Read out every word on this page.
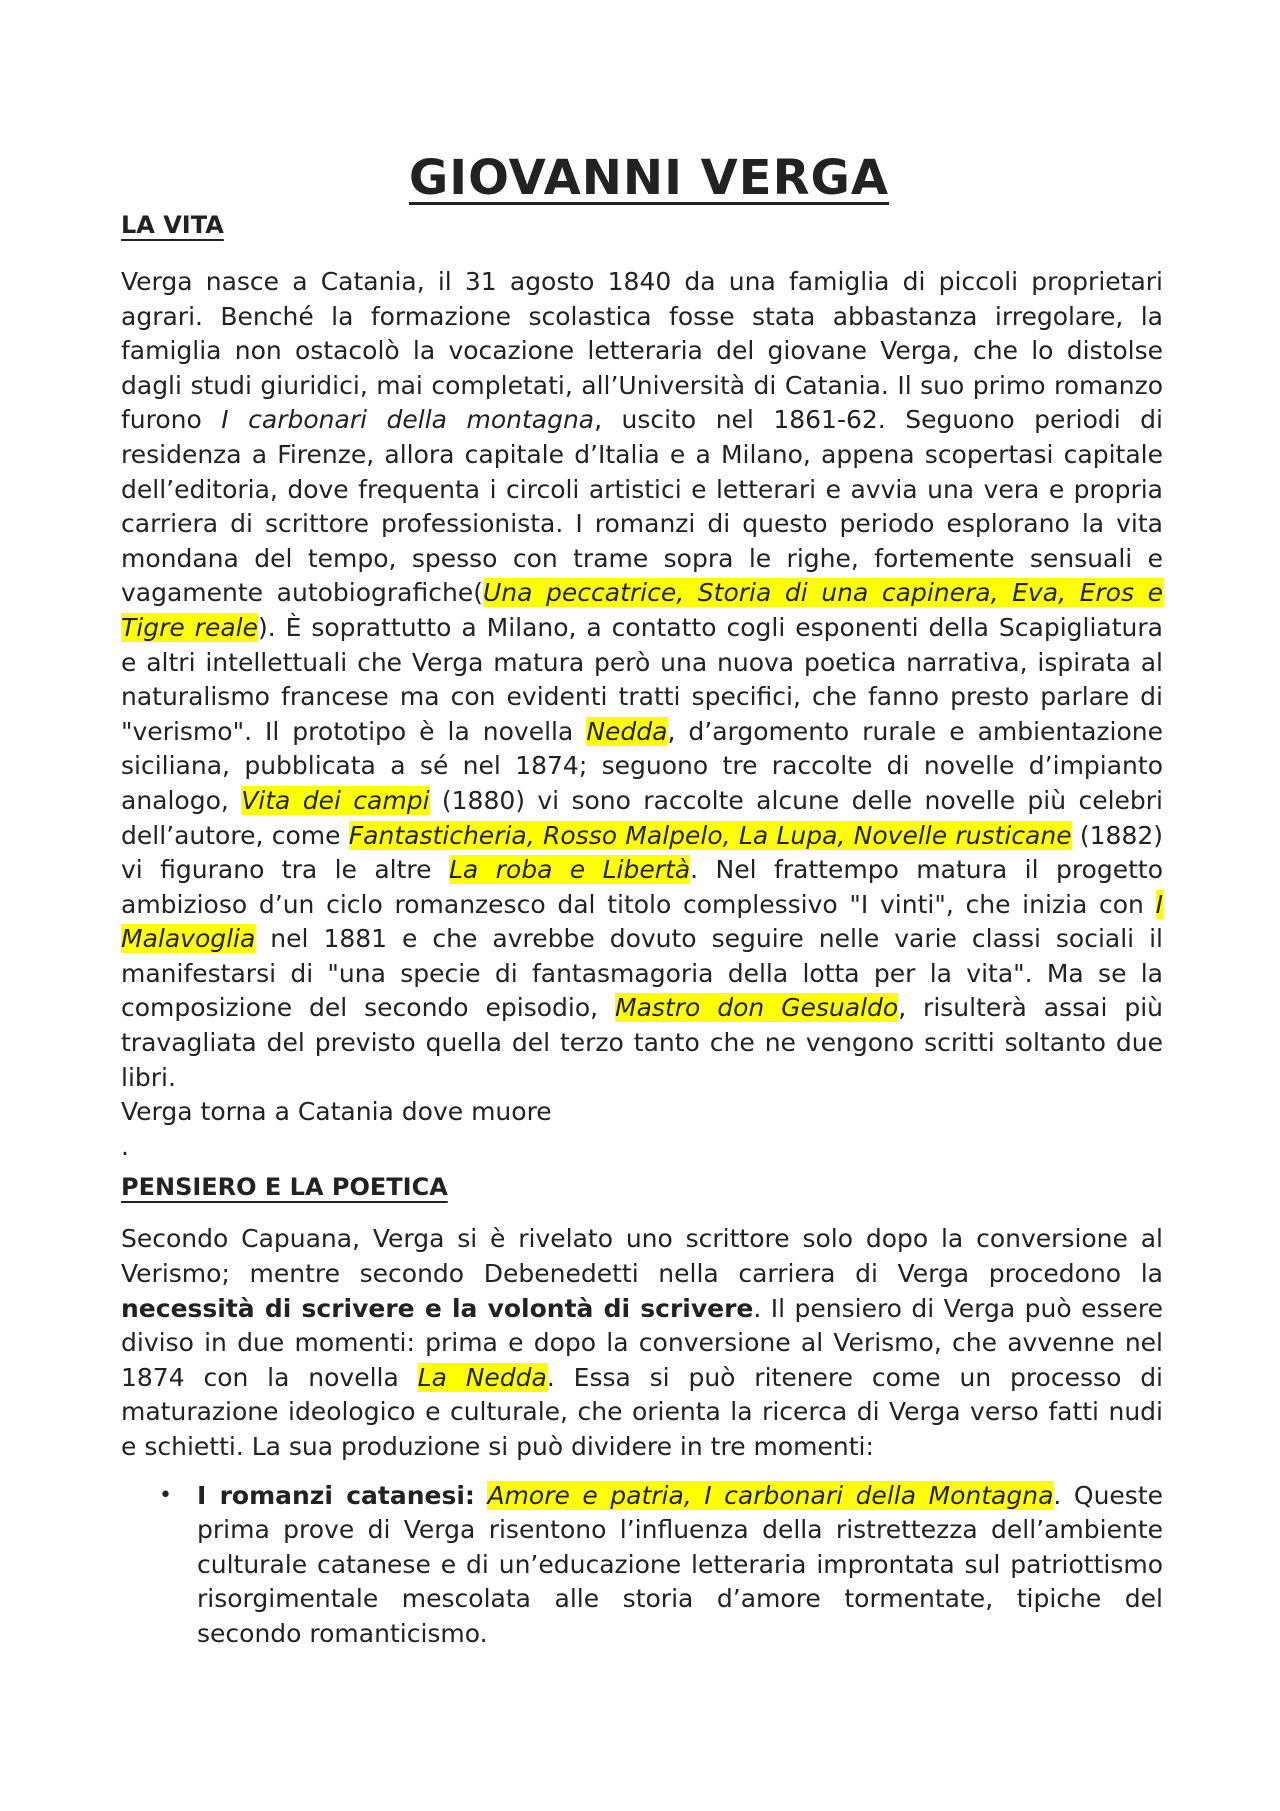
GIOVANNI VERGA
LA VITA

Verga nasce a Catania, il 31 agosto 1840 da una famiglia di piccoli proprietari agrari. Benché la formazione scolastica fosse stata abbastanza irregolare, la famiglia non ostacolò la vocazione letteraria del giovane Verga, che lo distolse dagli studi giuridici, mai completati, all’Università di Catania. Il suo primo romanzo furono I carbonari della montagna, uscito nel 1861-62. Seguono periodi di residenza a Firenze, allora capitale d’Italia e a Milano, appena scopertasi capitale dell’editoria, dove frequenta i circoli artistici e letterari e avvia una vera e propria carriera di scrittore professionista. I romanzi di questo periodo esplorano la vita mondana del tempo, spesso con trame sopra le righe, fortemente sensuali e vagamente autobiografiche(Una peccatrice, Storia di una capinera, Eva, Eros e Tigre reale). È soprattutto a Milano, a contatto cogli esponenti della Scapigliatura e altri intellettuali che Verga matura però una nuova poetica narrativa, ispirata al naturalismo francese ma con evidenti tratti specifici, che fanno presto parlare di "verismo". Il prototipo è la novella Nedda, d’argomento rurale e ambientazione siciliana, pubblicata a sé nel 1874; seguono tre raccolte di novelle d’impianto analogo, Vita dei campi (1880) vi sono raccolte alcune delle novelle più celebri dell’autore, come Fantasticheria, Rosso Malpelo, La Lupa, Novelle rusticane (1882) vi figurano tra le altre La roba e Libertà. Nel frattempo matura il progetto ambizioso d’un ciclo romanzesco dal titolo complessivo "I vinti", che inizia con I Malavoglia nel 1881 e che avrebbe dovuto seguire nelle varie classi sociali il manifestarsi di "una specie di fantasmagoria della lotta per la vita". Ma se la composizione del secondo episodio, Mastro don Gesualdo, risulterà assai più travagliata del previsto quella del terzo tanto che ne vengono scritti soltanto due libri.

Verga torna a Catania dove muore

.

PENSIERO E LA POETICA

Secondo Capuana, Verga si è rivelato uno scrittore solo dopo la conversione al Verismo; mentre secondo Debenedetti nella carriera di Verga procedono la necessità di scrivere e la volontà di scrivere. Il pensiero di Verga può essere diviso in due momenti: prima e dopo la conversione al Verismo, che avvenne nel 1874 con la novella La Nedda. Essa si può ritenere come un processo di maturazione ideologico e culturale, che orienta la ricerca di Verga verso fatti nudi e schietti. La sua produzione si può dividere in tre momenti:

• I romanzi catanesi: Amore e patria, I carbonari della Montagna. Queste prima prove di Verga risentono l’influenza della ristrettezza dell’ambiente culturale catanese e di un’educazione letteraria improntata sul patriottismo risorgimentale mescolata alle storia d’amore tormentate, tipiche del secondo romanticismo.
